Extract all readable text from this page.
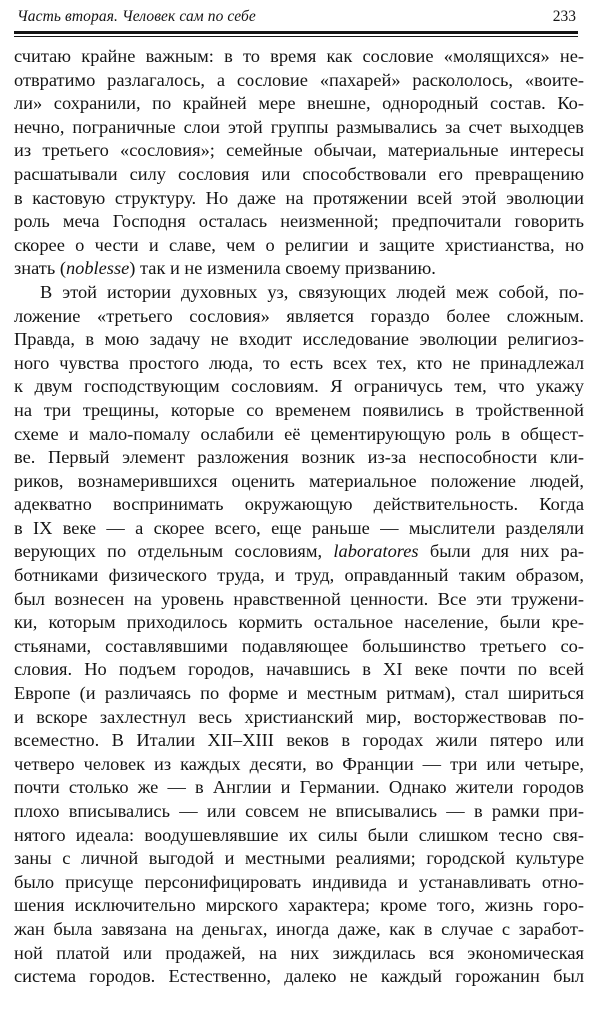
Часть вторая. Человек сам по себе	233
считаю крайне важным: в то время как сословие «молящихся» не-
отвратимо разлагалось, а сословие «пахарей» раскололось, «воите-
ли» сохранили, по крайней мере внешне, однородный состав. Ко-
нечно, пограничные слои этой группы размывались за счет выходцев
из третьего «сословия»; семейные обычаи, материальные интересы
расшатывали силу сословия или способствовали его превращению
в кастовую структуру. Но даже на протяжении всей этой эволюции
роль меча Господня осталась неизменной; предпочитали говорить
скорее о чести и славе, чем о религии и защите христианства, но
знать (noblesse) так и не изменила своему призванию.
В этой истории духовных уз, связующих людей меж собой, по-
ложение «третьего сословия» является гораздо более сложным.
Правда, в мою задачу не входит исследование эволюции религиоз-
ного чувства простого люда, то есть всех тех, кто не принадлежал
к двум господствующим сословиям. Я ограничусь тем, что укажу
на три трещины, которые со временем появились в тройственной
схеме и мало-помалу ослабили её цементирующую роль в общест-
ве. Первый элемент разложения возник из-за неспособности кли-
риков, вознамерившихся оценить материальное положение людей,
адекватно воспринимать окружающую действительность. Когда
в IX веке — а скорее всего, еще раньше — мыслители разделяли
верующих по отдельным сословиям, laboratores были для них ра-
ботниками физического труда, и труд, оправданный таким образом,
был вознесен на уровень нравственной ценности. Все эти тружени-
ки, которым приходилось кормить остальное население, были кре-
стьянами, составлявшими подавляющее большинство третьего со-
словия. Но подъем городов, начавшись в XI веке почти по всей
Европе (и различаясь по форме и местным ритмам), стал шириться
и вскоре захлестнул весь христианский мир, восторжествовав по-
всеместно. В Италии XII–XIII веков в городах жили пятеро или
четверо человек из каждых десяти, во Франции — три или четыре,
почти столько же — в Англии и Германии. Однако жители городов
плохо вписывались — или совсем не вписывались — в рамки при-
нятого идеала: воодушевлявшие их силы были слишком тесно свя-
заны с личной выгодой и местными реалиями; городской культуре
было присуще персонифицировать индивида и устанавливать отно-
шения исключительно мирского характера; кроме того, жизнь горо-
жан была завязана на деньгах, иногда даже, как в случае с заработ-
ной платой или продажей, на них зиждилась вся экономическая
система городов. Естественно, далеко не каждый горожанин был
